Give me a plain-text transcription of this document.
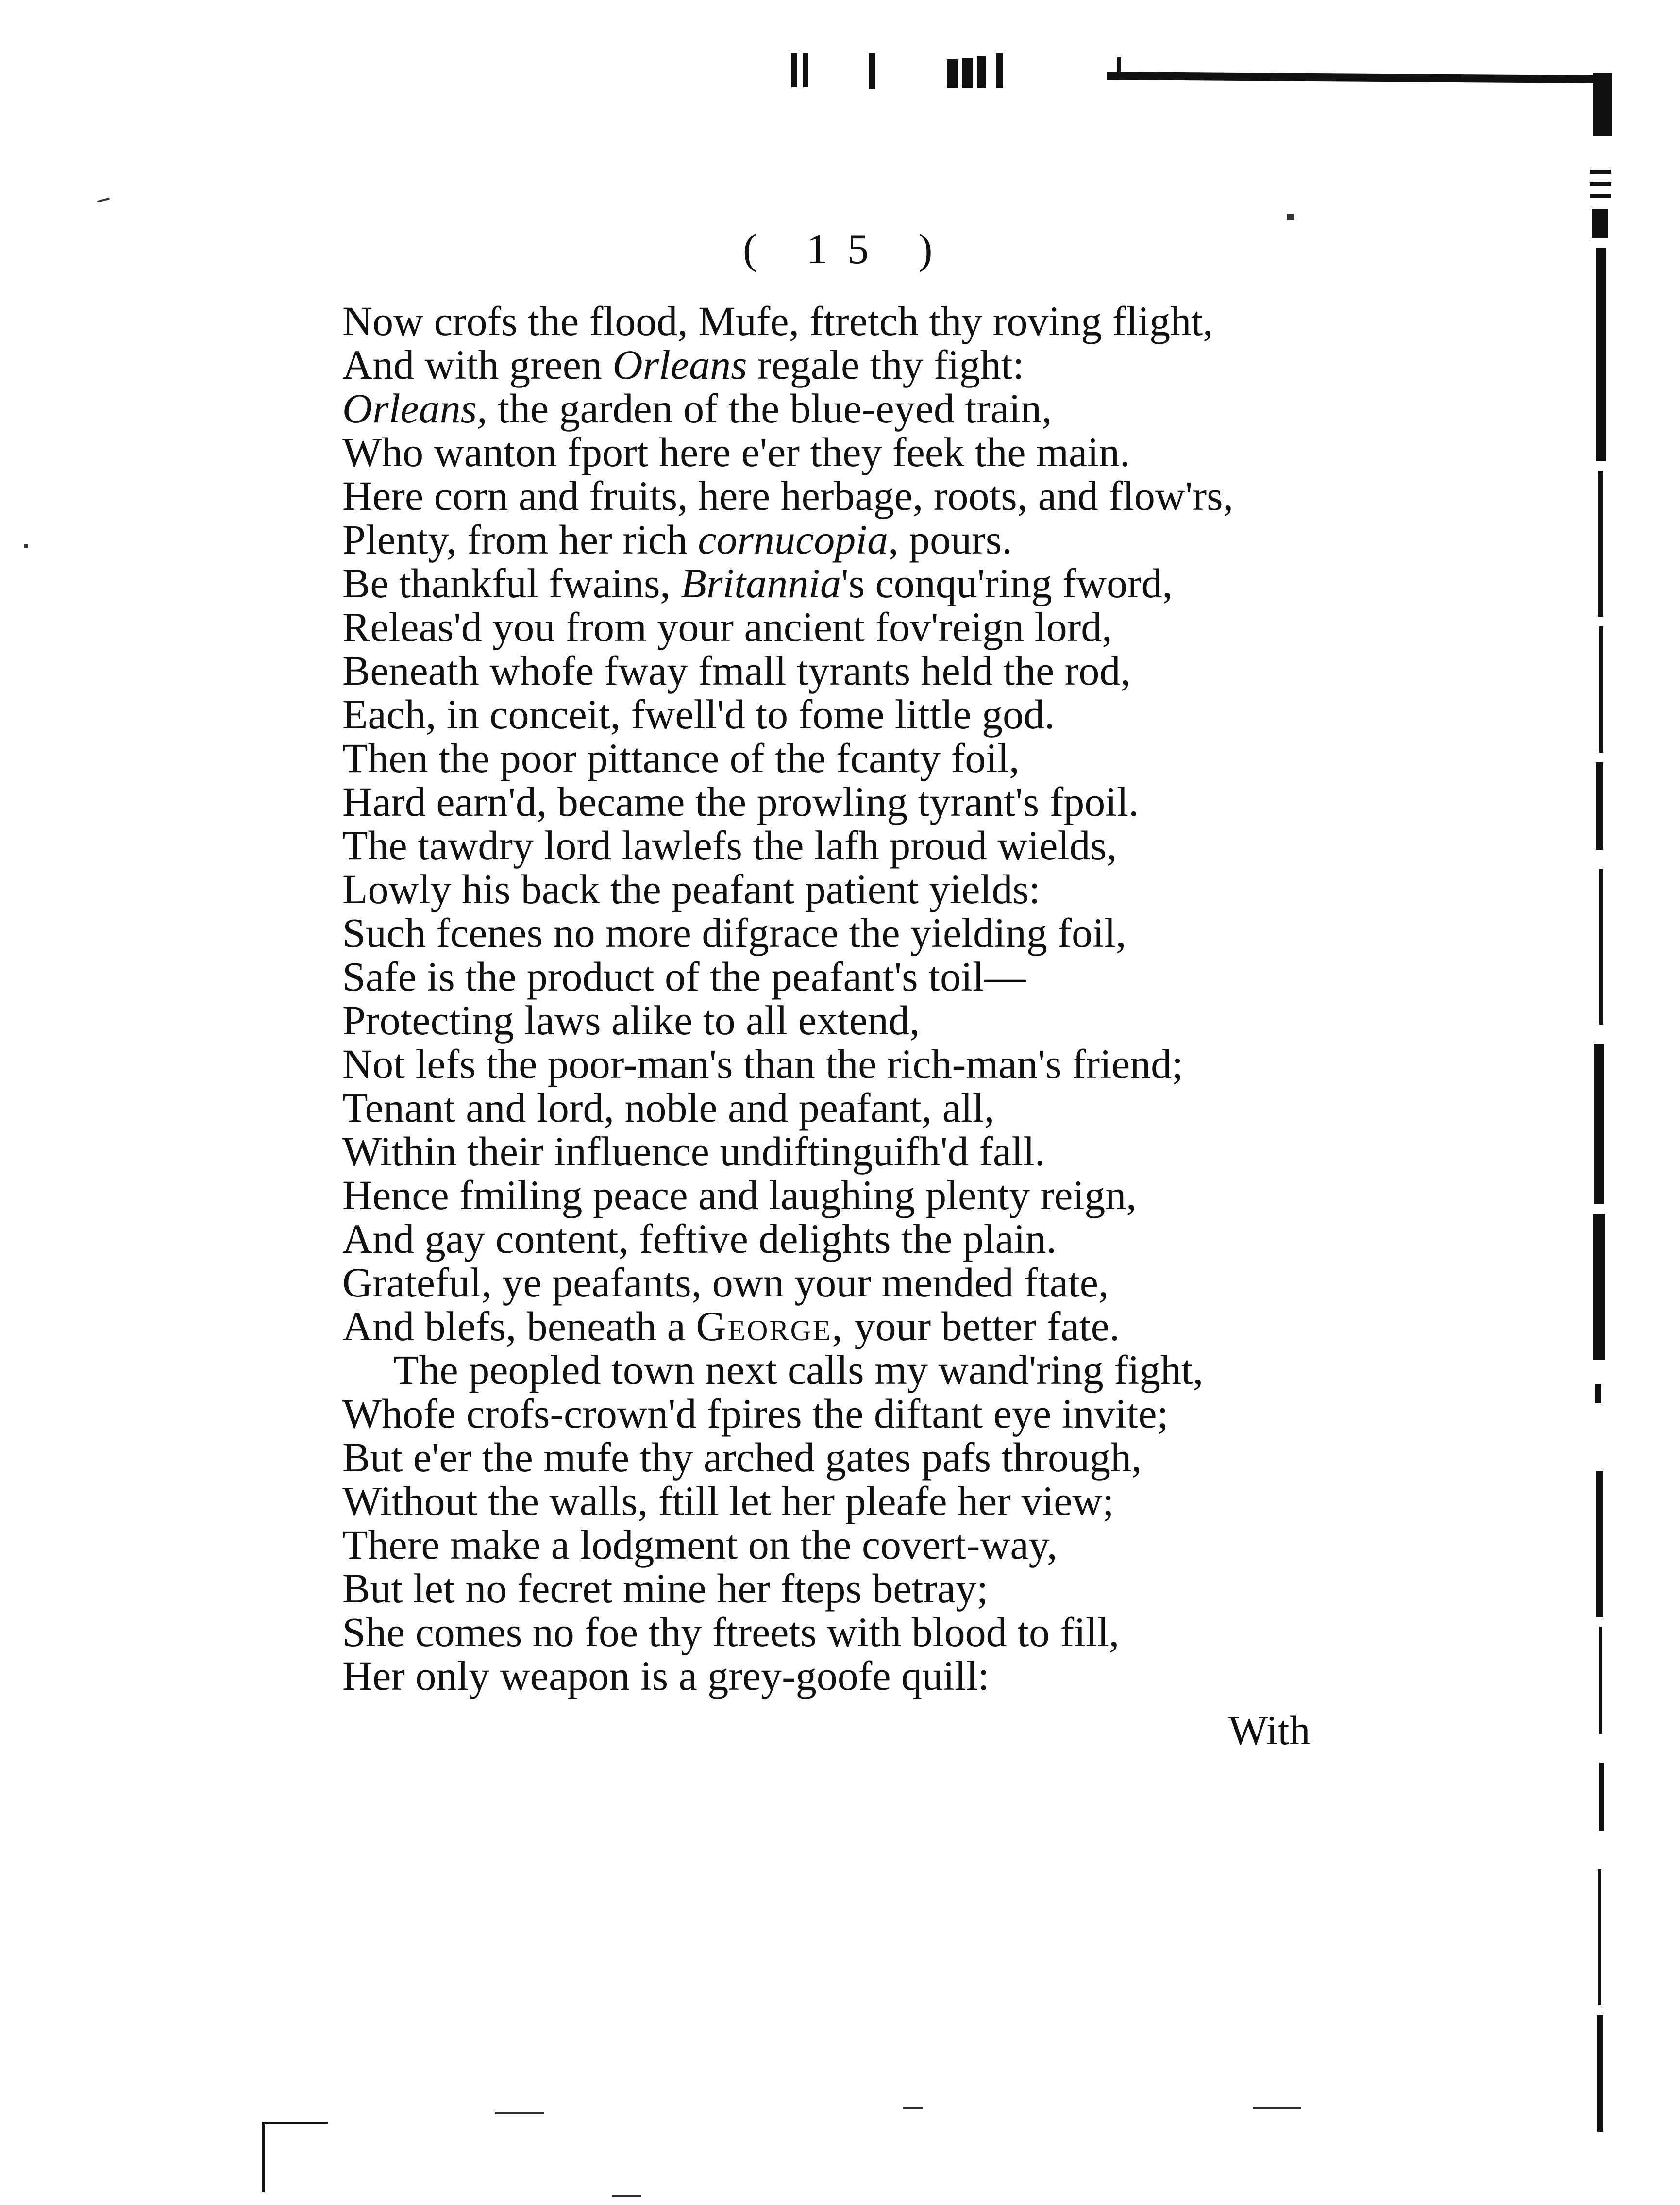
( 15 )
Now crofs the flood, Mufe, ftretch thy roving flight,
And with green Orleans regale thy fight:
Orleans, the garden of the blue-eyed train,
Who wanton fport here e'er they feek the main.
Here corn and fruits, here herbage, roots, and flow'rs,
Plenty, from her rich cornucopia, pours.
Be thankful fwains, Britannia's conqu'ring fword,
Releas'd you from your ancient fov'reign lord,
Beneath whofe fway fmall tyrants held the rod,
Each, in conceit, fwell'd to fome little god.
Then the poor pittance of the fcanty foil,
Hard earn'd, became the prowling tyrant's fpoil.
The tawdry lord lawlefs the lafh proud wields,
Lowly his back the peafant patient yields:
Such fcenes no more difgrace the yielding foil,
Safe is the product of the peafant's toil—
Protecting laws alike to all extend,
Not lefs the poor-man's than the rich-man's friend;
Tenant and lord, noble and peafant, all,
Within their influence undiftinguifh'd fall.
Hence fmiling peace and laughing plenty reign,
And gay content, feftive delights the plain.
Grateful, ye peafants, own your mended ftate,
And blefs, beneath a George, your better fate.
The peopled town next calls my wand'ring fight,
Whofe crofs-crown'd fpires the diftant eye invite;
But e'er the mufe thy arched gates pafs through,
Without the walls, ftill let her pleafe her view;
There make a lodgment on the covert-way,
But let no fecret mine her fteps betray;
She comes no foe thy ftreets with blood to fill,
Her only weapon is a grey-goofe quill:
With
